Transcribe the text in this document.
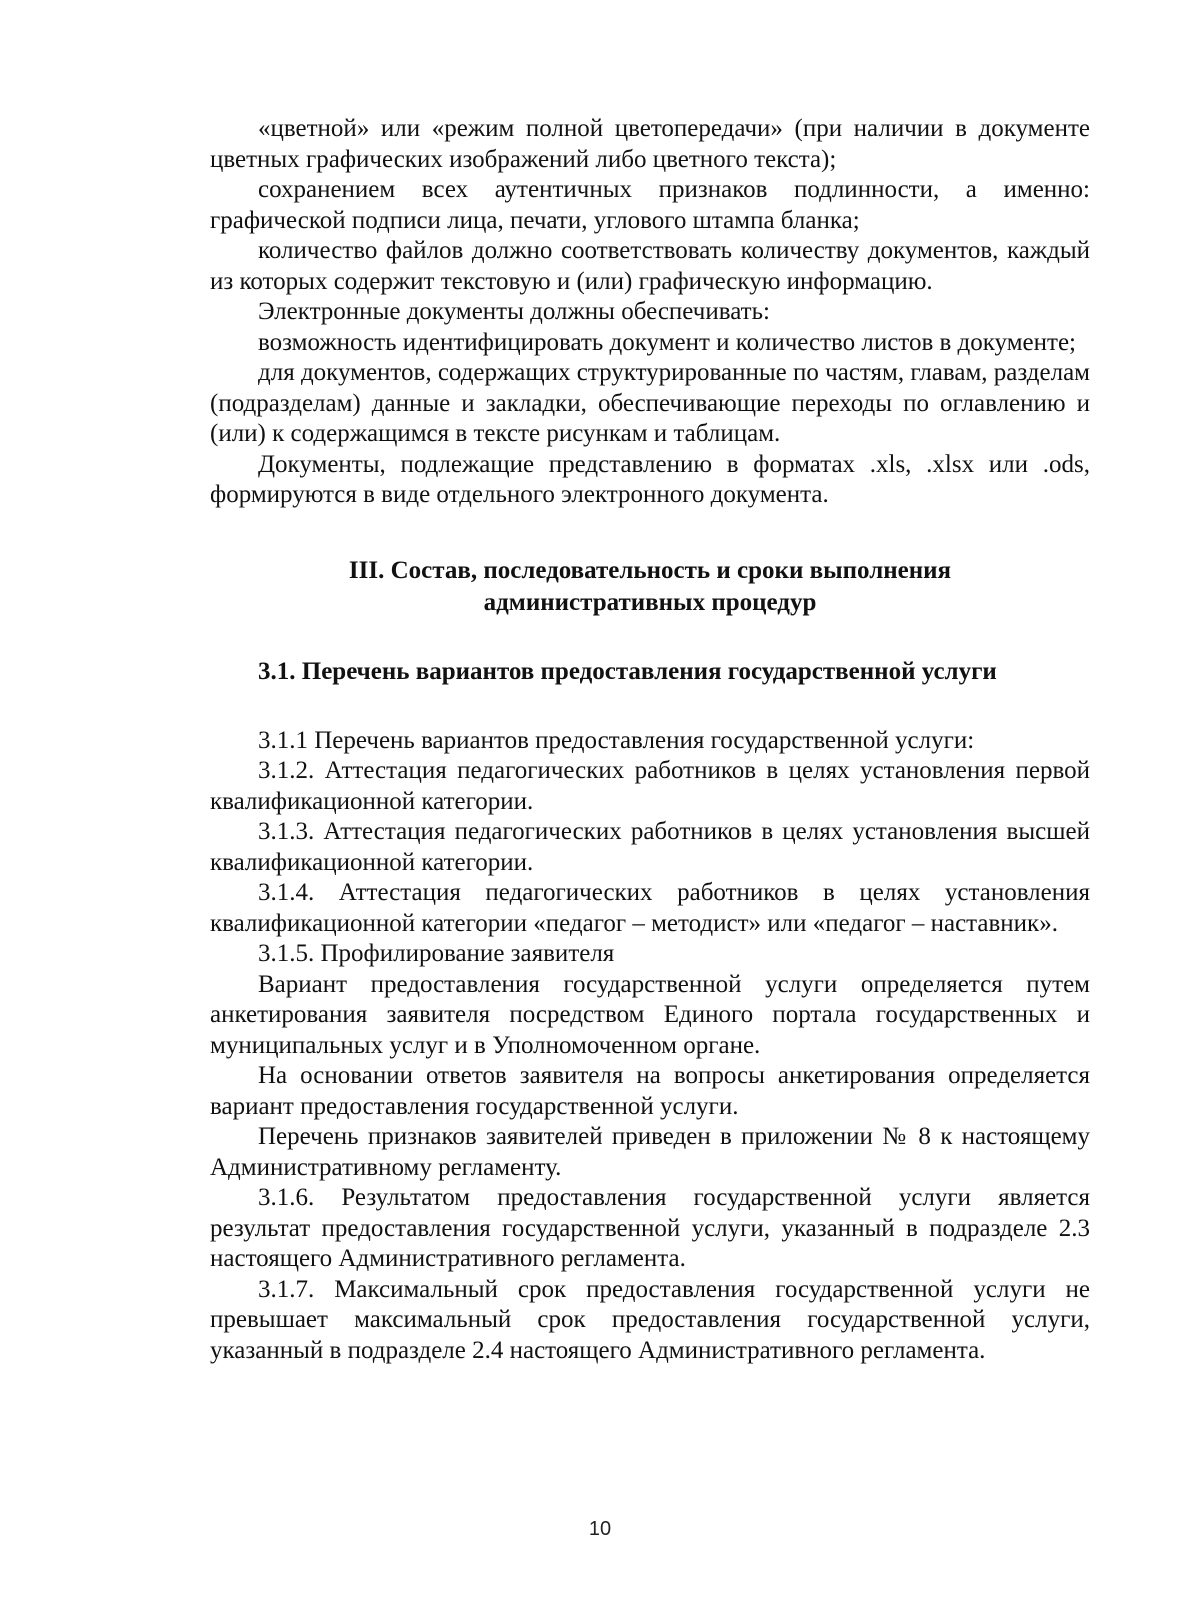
«цветной» или «режим полной цветопередачи» (при наличии в документе цветных графических изображений либо цветного текста);

сохранением всех аутентичных признаков подлинности, а именно: графической подписи лица, печати, углового штампа бланка;

количество файлов должно соответствовать количеству документов, каждый из которых содержит текстовую и (или) графическую информацию.

Электронные документы должны обеспечивать:

возможность идентифицировать документ и количество листов в документе;

для документов, содержащих структурированные по частям, главам, разделам (подразделам) данные и закладки, обеспечивающие переходы по оглавлению и (или) к содержащимся в тексте рисункам и таблицам.

Документы, подлежащие представлению в форматах .xls, .xlsx или .ods, формируются в виде отдельного электронного документа.

III. Состав, последовательность и сроки выполнения
административных процедур
3.1. Перечень вариантов предоставления государственной услуги

3.1.1 Перечень вариантов предоставления государственной услуги:

3.1.2. Аттестация педагогических работников в целях установления первой квалификационной категории.

3.1.3. Аттестация педагогических работников в целях установления высшей квалификационной категории.

3.1.4. Аттестация педагогических работников в целях установления квалификационной категории «педагог – методист» или «педагог – наставник».

3.1.5. Профилирование заявителя

Вариант предоставления государственной услуги определяется путем анкетирования заявителя посредством Единого портала государственных и муниципальных услуг и в Уполномоченном органе.

На основании ответов заявителя на вопросы анкетирования определяется вариант предоставления государственной услуги.

Перечень признаков заявителей приведен в приложении № 8 к настоящему Административному регламенту.

3.1.6. Результатом предоставления государственной услуги является результат предоставления государственной услуги, указанный в подразделе 2.3 настоящего Административного регламента.

3.1.7. Максимальный срок предоставления государственной услуги не превышает максимальный срок предоставления государственной услуги, указанный в подразделе 2.4 настоящего Административного регламента.

10
